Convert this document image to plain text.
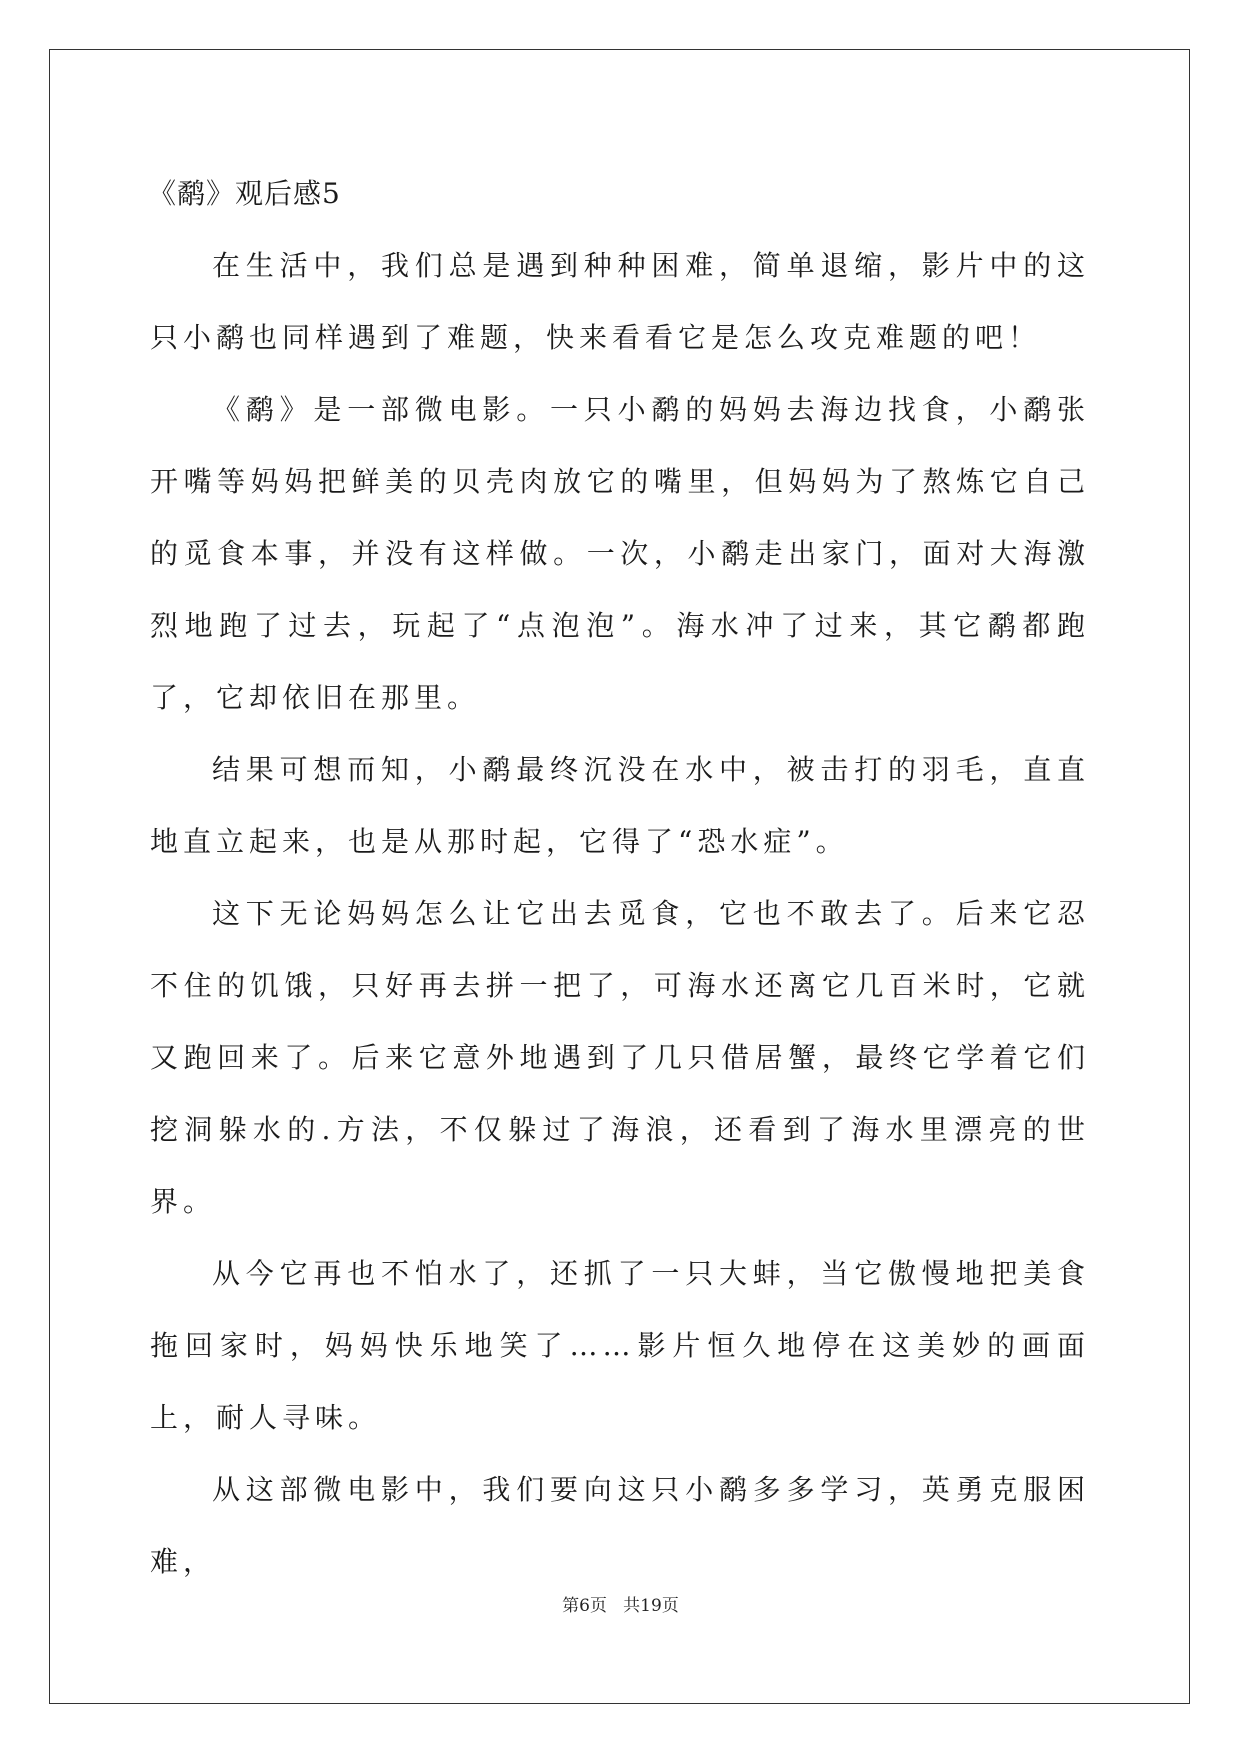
《鹬》观后感5

在生活中，我们总是遇到种种困难，简单退缩，影片中的这只小鹬也同样遇到了难题，快来看看它是怎么攻克难题的吧！

《鹬》是一部微电影。一只小鹬的妈妈去海边找食，小鹬张开嘴等妈妈把鲜美的贝壳肉放它的嘴里，但妈妈为了熬炼它自己的觅食本事，并没有这样做。一次，小鹬走出家门，面对大海激烈地跑了过去，玩起了“点泡泡”。海水冲了过来，其它鹬都跑了，它却依旧在那里。

结果可想而知，小鹬最终沉没在水中，被击打的羽毛，直直地直立起来，也是从那时起，它得了“恐水症”。

这下无论妈妈怎么让它出去觅食，它也不敢去了。后来它忍不住的饥饿，只好再去拼一把了，可海水还离它几百米时，它就又跑回来了。后来它意外地遇到了几只借居蟹，最终它学着它们挖洞躲水的.方法，不仅躲过了海浪，还看到了海水里漂亮的世界。

从今它再也不怕水了，还抓了一只大蚌，当它傲慢地把美食拖回家时，妈妈快乐地笑了……影片恒久地停在这美妙的画面上，耐人寻味。

从这部微电影中，我们要向这只小鹬多多学习，英勇克服困难，

第6页   共19页
